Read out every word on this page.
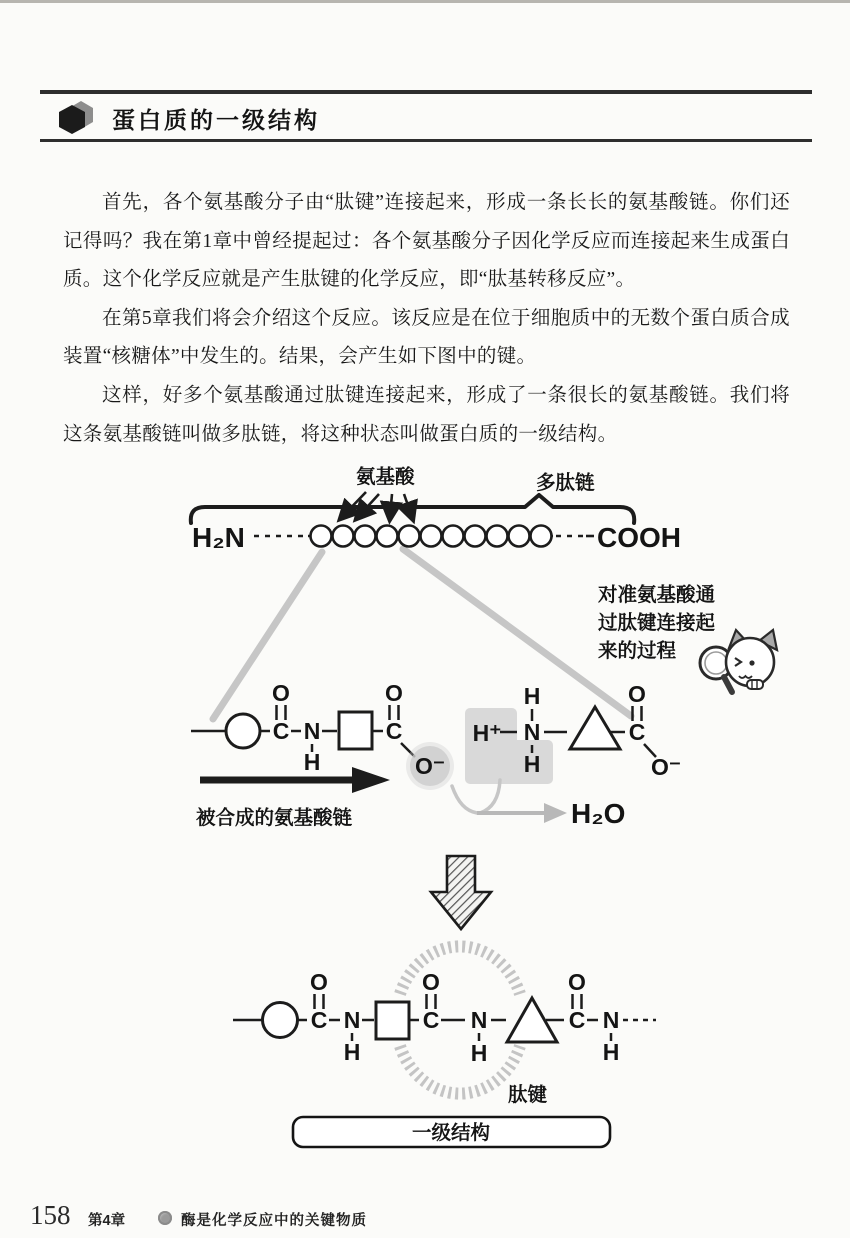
蛋白质的一级结构

首先，各个氨基酸分子由“肽键”连接起来，形成一条长长的氨基酸链。你们还记得吗？我在第1章中曾经提起过：各个氨基酸分子因化学反应而连接起来生成蛋白质。这个化学反应就是产生肽键的化学反应，即“肽基转移反应”。

在第5章我们将会介绍这个反应。该反应是在位于细胞质中的无数个蛋白质合成装置“核糖体”中发生的。结果，会产生如下图中的键。

这样，好多个氨基酸通过肽键连接起来，形成了一条很长的氨基酸链。我们将这条氨基酸链叫做多肽链，将这种状态叫做蛋白质的一级结构。

氨基酸	多肽链
H₂N	COOH
对准氨基酸通
过肽键连接起
来的过程
C
O
N
H
C
O
O⁻
被合成的氨基酸链
H⁺ N
H
H
C
O
O⁻
H₂O
C
O
N
H
C
O
N
H
C
O
N
H
肽键
一级结构
158 第4章	酶是化学反应中的关键物质
